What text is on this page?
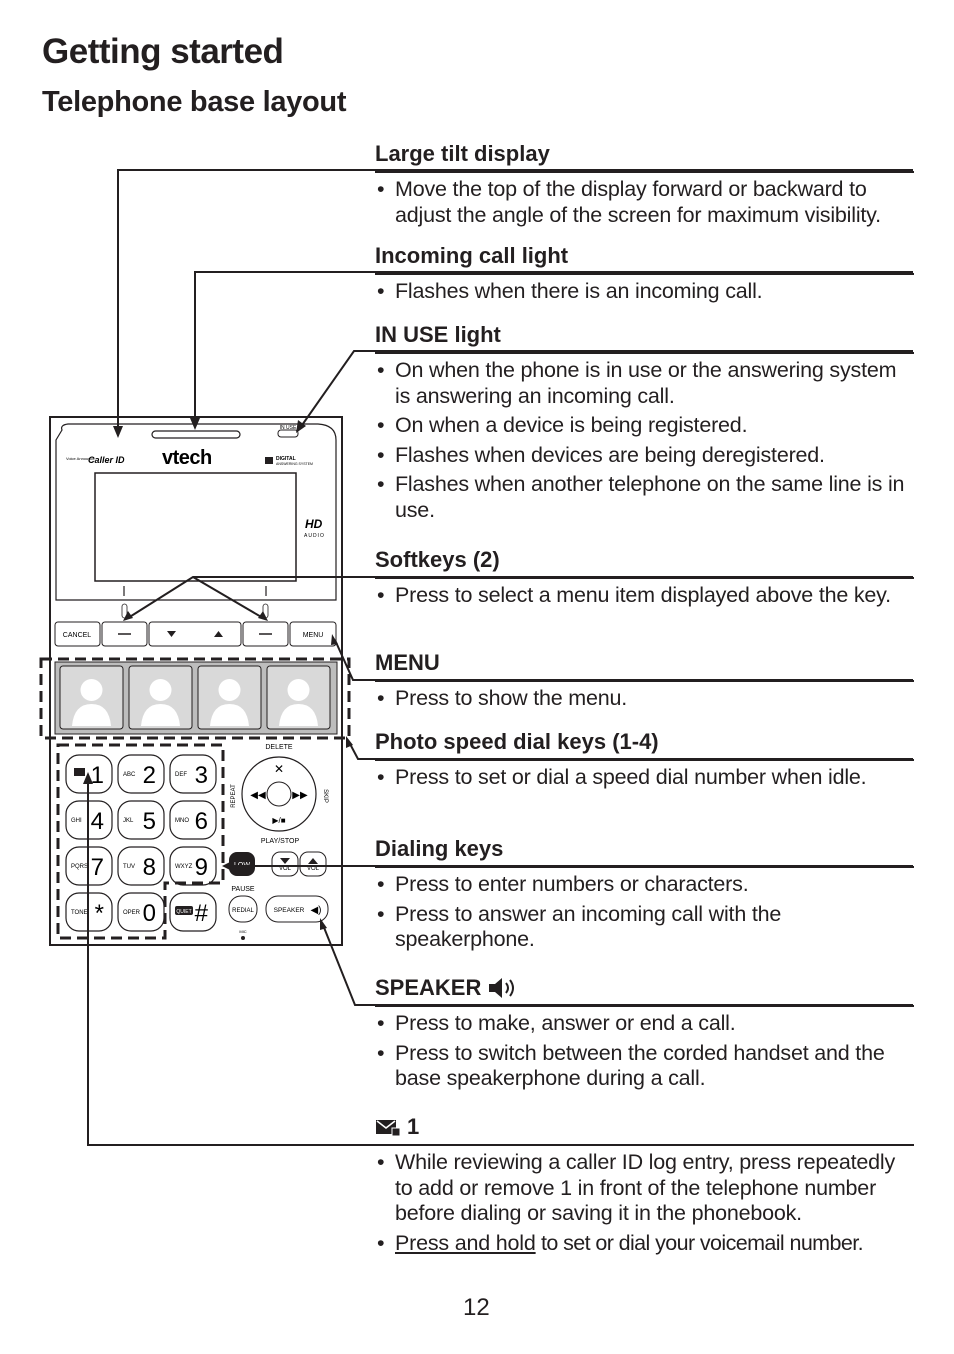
Getting started
Telephone base layout
IN USE
Caller ID
Voice Announce	vtech	DIGITAL
ANSWERING SYSTEM
HD
AUDIO
CANCEL	MENU
1	ABC 2	DEF 3
GHI 4	JKL 5	MNO 6
PQRS 7	TUV 8	WXYZ 9
TONE *	OPER 0 #
QUIET
DELETE
✕
◀◀	▶▶
▶/■
REPEAT	SKIP
PLAY/STOP
LOW	VOL	VOL
PAUSE
REDIAL	SPEAKER ◀)
MIC
Large tilt display
• Move the top of the display forward or backward to adjust the angle of the screen for maximum visibility.
Incoming call light
• Flashes when there is an incoming call.
IN USE light
• On when the phone is in use or the answering system is answering an incoming call.
• On when a device is being registered.
• Flashes when devices are being deregistered.
• Flashes when another telephone on the same line is in use.
Softkeys (2)
• Press to select a menu item displayed above the key.
MENU
• Press to show the menu.
Photo speed dial keys (1-4)
• Press to set or dial a speed dial number when idle.
Dialing keys
• Press to enter numbers or characters.
• Press to answer an incoming call with the speakerphone.
SPEAKER
• Press to make, answer or end a call.
• Press to switch between the corded handset and the base speakerphone during a call.
1
• While reviewing a caller ID log entry, press repeatedly to add or remove 1 in front of the telephone number before dialing or saving it in the phonebook.
• Press and hold to set or dial your voicemail number.
12
